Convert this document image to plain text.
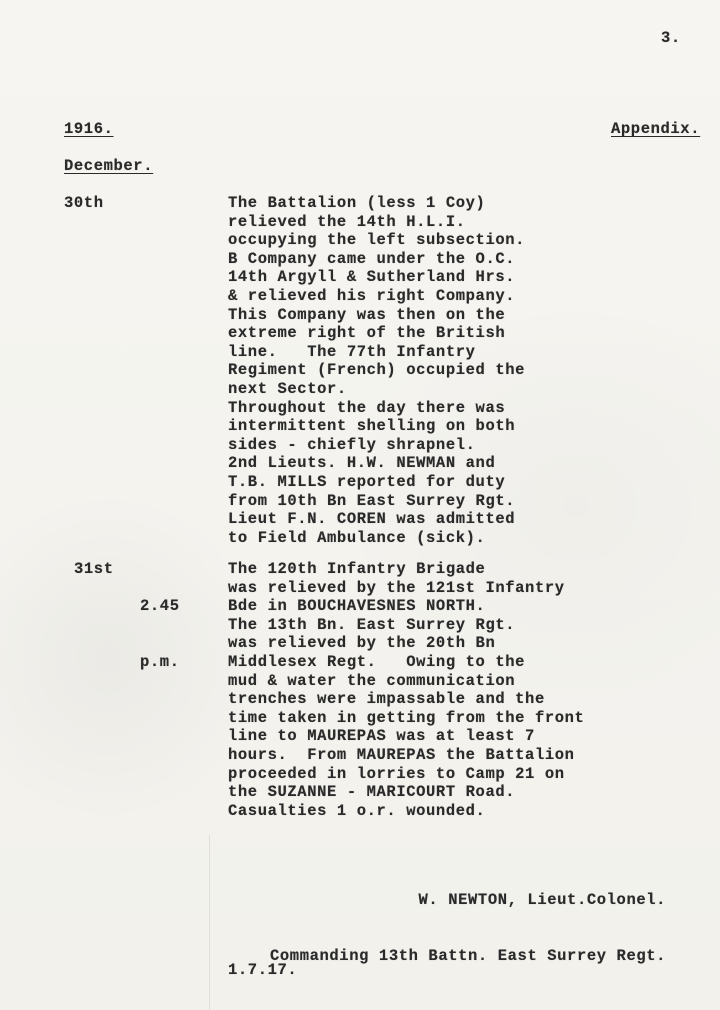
3.
1916.	Appendix.
December.
30th	The Battalion (less 1 Coy)
relieved the 14th H.L.I.
occupying the left subsection.
B Company came under the O.C.
14th Argyll & Sutherland Hrs.
& relieved his right Company.
This Company was then on the
extreme right of the British
line.   The 77th Infantry
Regiment (French) occupied the
next Sector.
Throughout the day there was
intermittent shelling on both
sides - chiefly shrapnel.
2nd Lieuts. H.W. NEWMAN and
T.B. MILLS reported for duty
from 10th Bn East Surrey Rgt.
Lieut F.N. COREN was admitted
to Field Ambulance (sick).
31st

2.45

p.m.

The 120th Infantry Brigade
was relieved by the 121st Infantry
Bde in BOUCHAVESNES NORTH.
The 13th Bn. East Surrey Rgt.
was relieved by the 20th Bn
Middlesex Regt.   Owing to the
mud & water the communication
trenches were impassable and the
time taken in getting from the front
line to MAUREPAS was at least 7
hours.  From MAUREPAS the Battalion
proceeded in lorries to Camp 21 on
the SUZANNE - MARICOURT Road.
Casualties 1 o.r. wounded.

W. NEWTON, Lieut.Colonel.

Commanding 13th Battn. East Surrey Regt.

1.7.17.
